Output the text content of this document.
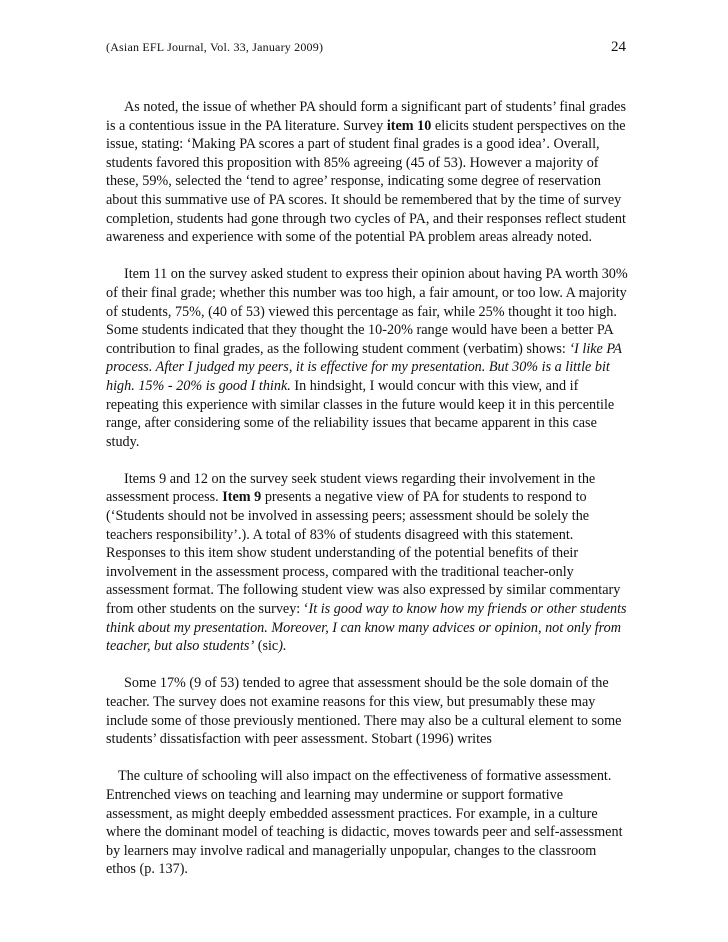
(Asian EFL Journal, Vol. 33, January 2009)	24

As noted, the issue of whether PA should form a significant part of students’ final grades is a contentious issue in the PA literature. Survey item 10 elicits student perspectives on the issue, stating: ‘Making PA scores a part of student final grades is a good idea’. Overall, students favored this proposition with 85% agreeing (45 of 53). However a majority of these, 59%, selected the ‘tend to agree’ response, indicating some degree of reservation about this summative use of PA scores. It should be remembered that by the time of survey completion, students had gone through two cycles of PA, and their responses reflect student awareness and experience with some of the potential PA problem areas already noted.

Item 11 on the survey asked student to express their opinion about having PA worth 30% of their final grade; whether this number was too high, a fair amount, or too low. A majority of students, 75%, (40 of 53) viewed this percentage as fair, while 25% thought it too high. Some students indicated that they thought the 10-20% range would have been a better PA contribution to final grades, as the following student comment (verbatim) shows: ‘I like PA process. After I judged my peers, it is effective for my presentation. But 30% is a little bit high. 15% - 20% is good I think. In hindsight, I would concur with this view, and if repeating this experience with similar classes in the future would keep it in this percentile range, after considering some of the reliability issues that became apparent in this case study.

Items 9 and 12 on the survey seek student views regarding their involvement in the assessment process. Item 9 presents a negative view of PA for students to respond to (‘Students should not be involved in assessing peers; assessment should be solely the teachers responsibility’.). A total of 83% of students disagreed with this statement. Responses to this item show student understanding of the potential benefits of their involvement in the assessment process, compared with the traditional teacher-only assessment format. The following student view was also expressed by similar commentary from other students on the survey: ‘It is good way to know how my friends or other students think about my presentation. Moreover, I can know many advices or opinion, not only from teacher, but also students’ (sic).

Some 17% (9 of 53) tended to agree that assessment should be the sole domain of the teacher. The survey does not examine reasons for this view, but presumably these may include some of those previously mentioned. There may also be a cultural element to some students’ dissatisfaction with peer assessment. Stobart (1996) writes

The culture of schooling will also impact on the effectiveness of formative assessment. Entrenched views on teaching and learning may undermine or support formative assessment, as might deeply embedded assessment practices. For example, in a culture where the dominant model of teaching is didactic, moves towards peer and self-assessment by learners may involve radical and managerially unpopular, changes to the classroom ethos (p. 137).
